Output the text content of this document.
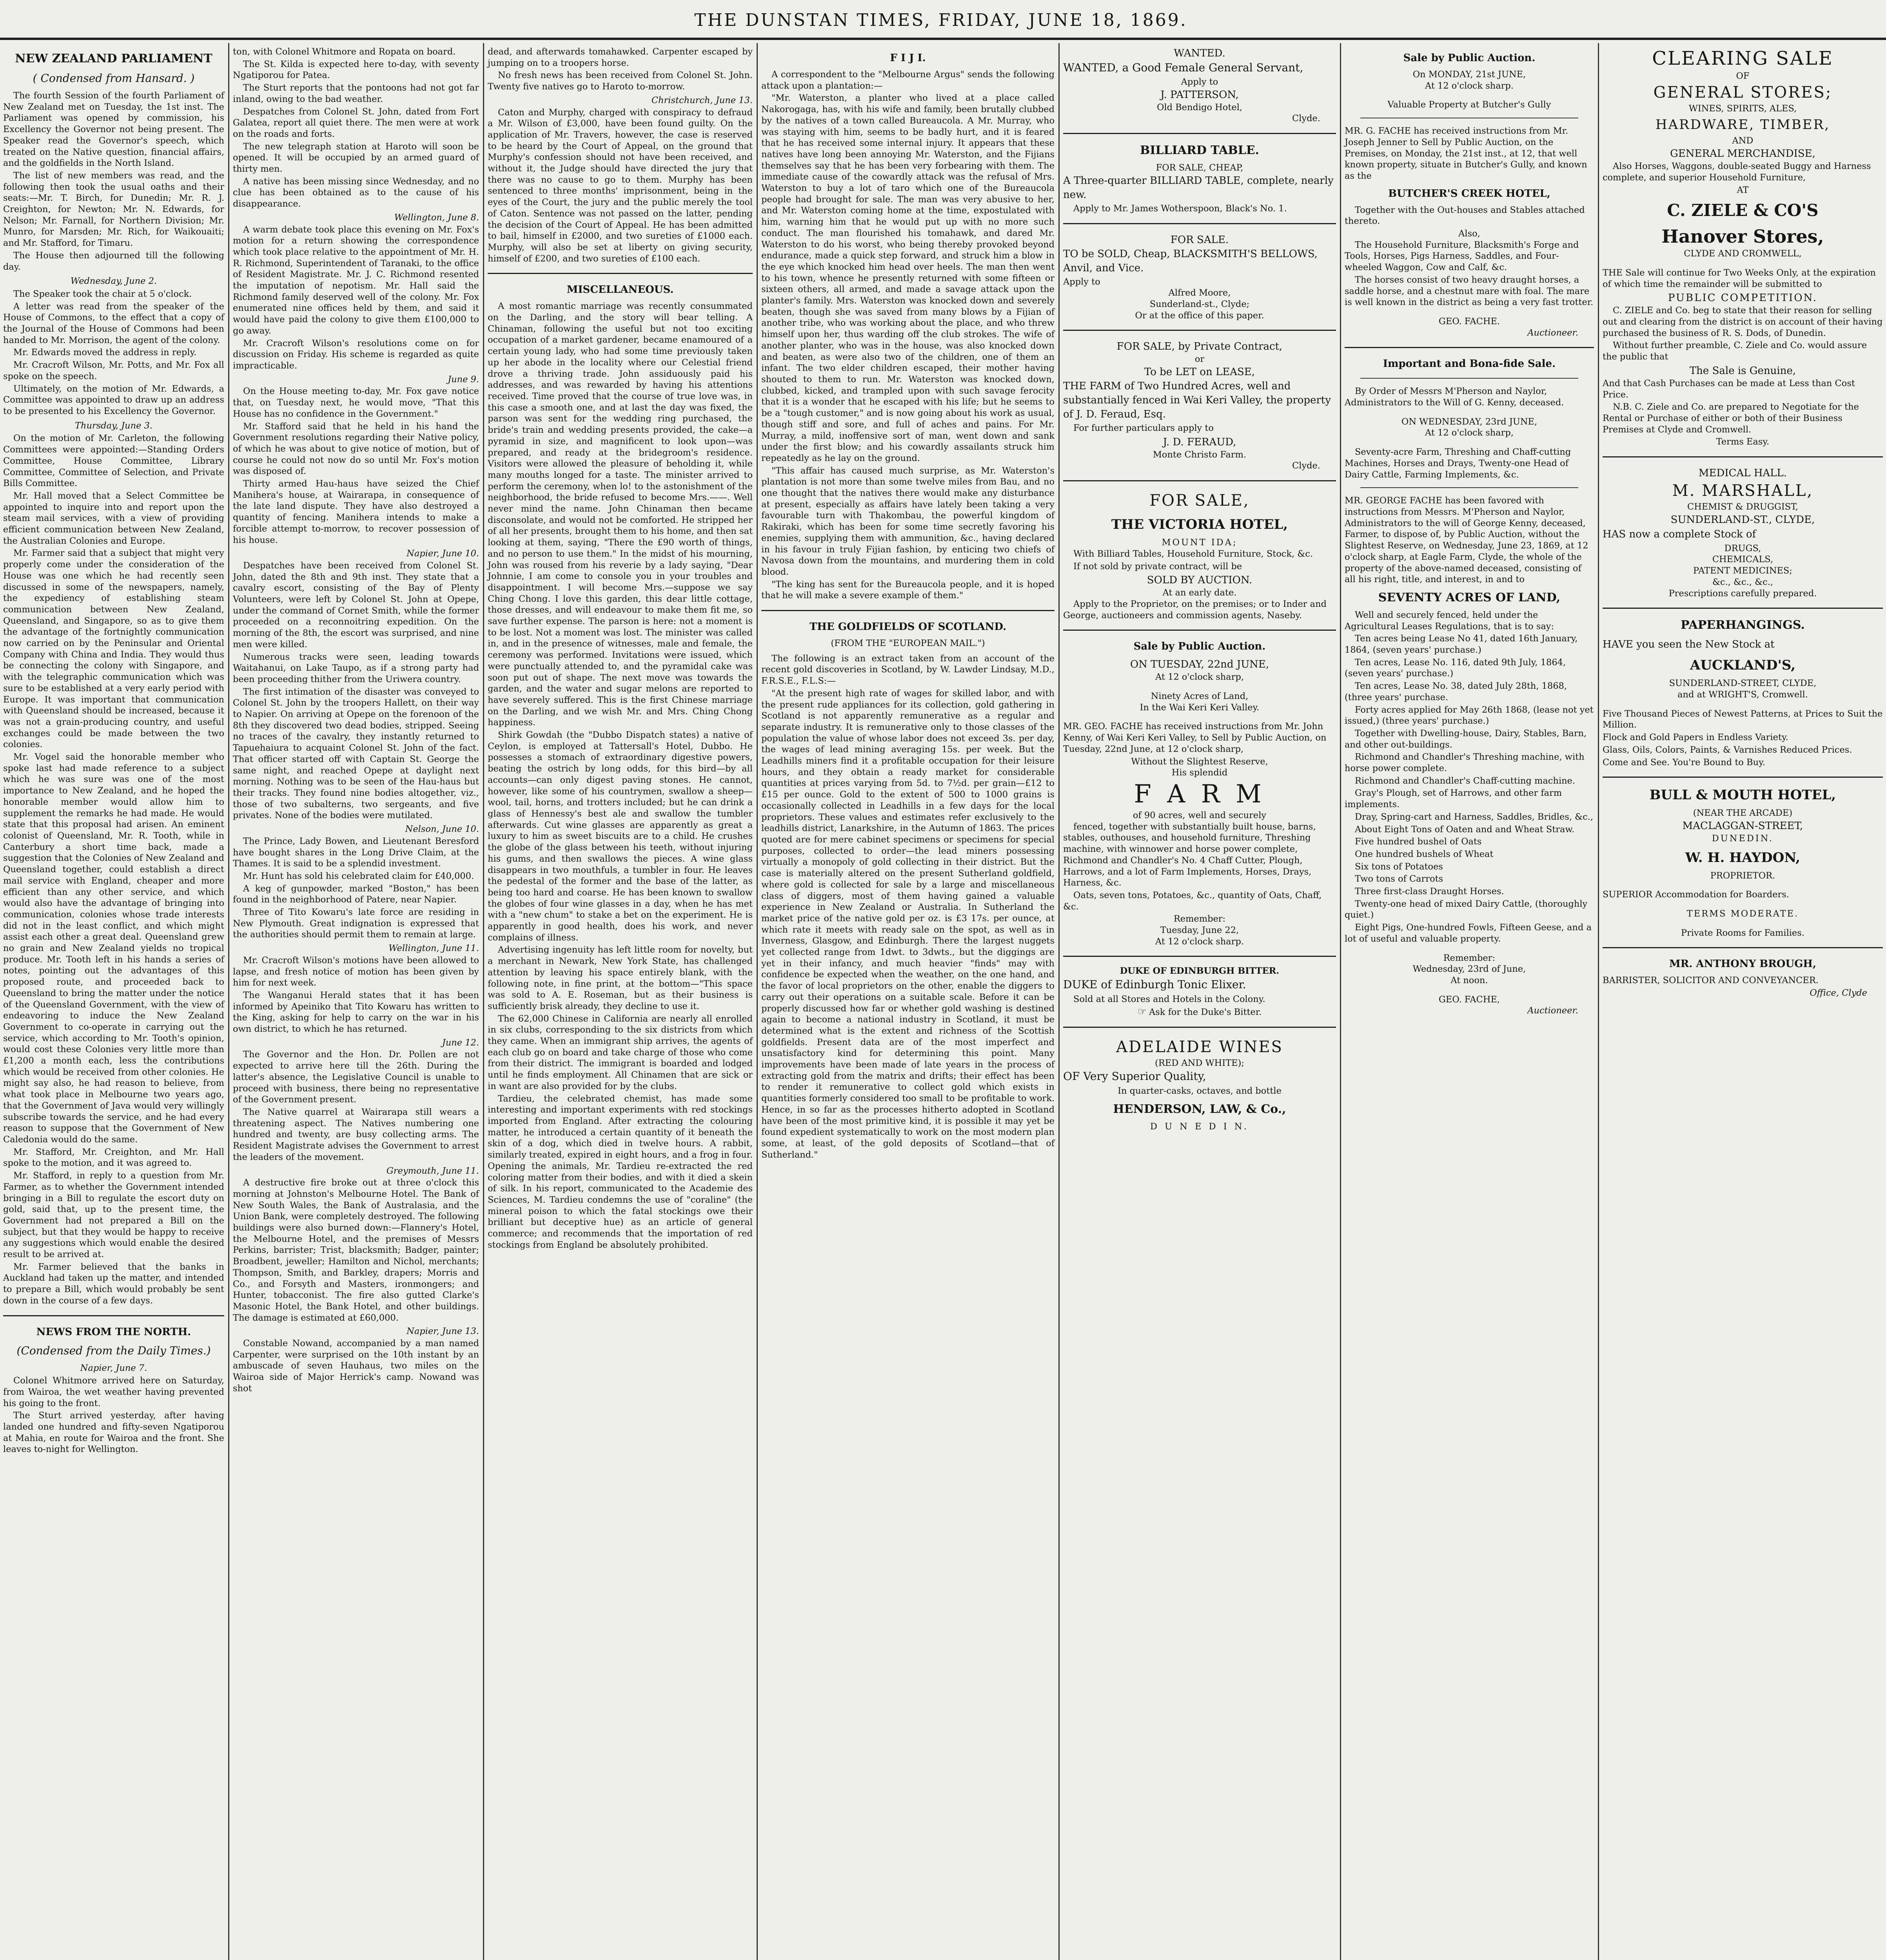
THE DUNSTAN TIMES, FRIDAY, JUNE 18, 1869.
NEW ZEALAND PARLIAMENT
( Condensed from Hansard. )

The fourth Session of the fourth Parliament of New Zealand met on Tuesday, the 1st inst. The Parliament was opened by commission, his Excellency the Governor not being present. The Speaker read the Governor's speech, which treated on the Native question, financial affairs, and the goldfields in the North Island.

The list of new members was read, and the following then took the usual oaths and their seats:—Mr. T. Birch, for Dunedin; Mr. R. J. Creighton, for Newton; Mr. N. Edwards, for Nelson; Mr. Farnall, for Northern Division; Mr. Munro, for Marsden; Mr. Rich, for Waikouaiti; and Mr. Stafford, for Timaru.

The House then adjourned till the following day.

Wednesday, June 2.

The Speaker took the chair at 5 o'clock.

A letter was read from the speaker of the House of Commons, to the effect that a copy of the Journal of the House of Commons had been handed to Mr. Morrison, the agent of the colony.

Mr. Edwards moved the address in reply.

Mr. Cracroft Wilson, Mr. Potts, and Mr. Fox all spoke on the speech.

Ultimately, on the motion of Mr. Edwards, a Committee was appointed to draw up an address to be presented to his Excellency the Governor.

Thursday, June 3.

On the motion of Mr. Carleton, the following Committees were appointed:—Standing Orders Committee, House Committee, Library Committee, Committee of Selection, and Private Bills Committee.

Mr. Hall moved that a Select Committee be appointed to inquire into and report upon the steam mail services, with a view of providing efficient communication between New Zealand, the Australian Colonies and Europe.

Mr. Farmer said that a subject that might very properly come under the consideration of the House was one which he had recently seen discussed in some of the newspapers, namely, the expediency of establishing steam communication between New Zealand, Queensland, and Singapore, so as to give them the advantage of the fortnightly communication now carried on by the Peninsular and Oriental Company with China and India. They would thus be connecting the colony with Singapore, and with the telegraphic communication which was sure to be established at a very early period with Europe. It was important that communication with Queensland should be increased, because it was not a grain-producing country, and useful exchanges could be made between the two colonies.

Mr. Vogel said the honorable member who spoke last had made reference to a subject which he was sure was one of the most importance to New Zealand, and he hoped the honorable member would allow him to supplement the remarks he had made. He would state that this proposal had arisen. An eminent colonist of Queensland, Mr. R. Tooth, while in Canterbury a short time back, made a suggestion that the Colonies of New Zealand and Queensland together, could establish a direct mail service with England, cheaper and more efficient than any other service, and which would also have the advantage of bringing into communication, colonies whose trade interests did not in the least conflict, and which might assist each other a great deal. Queensland grew no grain and New Zealand yields no tropical produce. Mr. Tooth left in his hands a series of notes, pointing out the advantages of this proposed route, and proceeded back to Queensland to bring the matter under the notice of the Queensland Government, with the view of endeavoring to induce the New Zealand Government to co-operate in carrying out the service, which according to Mr. Tooth's opinion, would cost these Colonies very little more than £1,200 a month each, less the contributions which would be received from other colonies. He might say also, he had reason to believe, from what took place in Melbourne two years ago, that the Government of Java would very willingly subscribe towards the service, and he had every reason to suppose that the Government of New Caledonia would do the same.

Mr. Stafford, Mr. Creighton, and Mr. Hall spoke to the motion, and it was agreed to.

Mr. Stafford, in reply to a question from Mr. Farmer, as to whether the Government intended bringing in a Bill to regulate the escort duty on gold, said that, up to the present time, the Government had not prepared a Bill on the subject, but that they would be happy to receive any suggestions which would enable the desired result to be arrived at.

Mr. Farmer believed that the banks in Auckland had taken up the matter, and intended to prepare a Bill, which would probably be sent down in the course of a few days.

NEWS FROM THE NORTH.
(Condensed from the Daily Times.)
Napier, June 7.

Colonel Whitmore arrived here on Saturday, from Wairoa, the wet weather having prevented his going to the front.

The Sturt arrived yesterday, after having landed one hundred and fifty-seven Ngatiporou at Mahia, en route for Wairoa and the front. She leaves to-night for Wellington.

ton, with Colonel Whitmore and Ropata on board.

The St. Kilda is expected here to-day, with seventy Ngatiporou for Patea.

The Sturt reports that the pontoons had not got far inland, owing to the bad weather.

Despatches from Colonel St. John, dated from Fort Galatea, report all quiet there. The men were at work on the roads and forts.

The new telegraph station at Haroto will soon be opened. It will be occupied by an armed guard of thirty men.

A native has been missing since Wednesday, and no clue has been obtained as to the cause of his disappearance.

Wellington, June 8.

A warm debate took place this evening on Mr. Fox's motion for a return showing the correspondence which took place relative to the appointment of Mr. H. R. Richmond, Superintendent of Taranaki, to the office of Resident Magistrate. Mr. J. C. Richmond resented the imputation of nepotism. Mr. Hall said the Richmond family deserved well of the colony. Mr. Fox enumerated nine offices held by them, and said it would have paid the colony to give them £100,000 to go away.

Mr. Cracroft Wilson's resolutions come on for discussion on Friday. His scheme is regarded as quite impracticable.

June 9.

On the House meeting to-day, Mr. Fox gave notice that, on Tuesday next, he would move, "That this House has no confidence in the Government."

Mr. Stafford said that he held in his hand the Government resolutions regarding their Native policy, of which he was about to give notice of motion, but of course he could not now do so until Mr. Fox's motion was disposed of.

Thirty armed Hau-haus have seized the Chief Manihera's house, at Wairarapa, in consequence of the late land dispute. They have also destroyed a quantity of fencing. Manihera intends to make a forcible attempt to-morrow, to recover possession of his house.

Napier, June 10.

Despatches have been received from Colonel St. John, dated the 8th and 9th inst. They state that a cavalry escort, consisting of the Bay of Plenty Volunteers, were left by Colonel St. John at Opepe, under the command of Cornet Smith, while the former proceeded on a reconnoitring expedition. On the morning of the 8th, the escort was surprised, and nine men were killed.

Numerous tracks were seen, leading towards Waitahanui, on Lake Taupo, as if a strong party had been proceeding thither from the Uriwera country.

The first intimation of the disaster was conveyed to Colonel St. John by the troopers Hallett, on their way to Napier. On arriving at Opepe on the forenoon of the 8th they discovered two dead bodies, stripped. Seeing no traces of the cavalry, they instantly returned to Tapuehaiura to acquaint Colonel St. John of the fact. That officer started off with Captain St. George the same night, and reached Opepe at daylight next morning. Nothing was to be seen of the Hau-haus but their tracks. They found nine bodies altogether, viz., those of two subalterns, two sergeants, and five privates. None of the bodies were mutilated.

Nelson, June 10.

The Prince, Lady Bowen, and Lieutenant Beresford have bought shares in the Long Drive Claim, at the Thames. It is said to be a splendid investment.

Mr. Hunt has sold his celebrated claim for £40,000.

A keg of gunpowder, marked "Boston," has been found in the neighborhood of Patere, near Napier.

Three of Tito Kowaru's late force are residing in New Plymouth. Great indignation is expressed that the authorities should permit them to remain at large.

Wellington, June 11.

Mr. Cracroft Wilson's motions have been allowed to lapse, and fresh notice of motion has been given by him for next week.

The Wanganui Herald states that it has been informed by Apeiniko that Tito Kowaru has written to the King, asking for help to carry on the war in his own district, to which he has returned.

June 12.

The Governor and the Hon. Dr. Pollen are not expected to arrive here till the 26th. During the latter's absence, the Legislative Council is unable to proceed with business, there being no representative of the Government present.

The Native quarrel at Wairarapa still wears a threatening aspect. The Natives numbering one hundred and twenty, are busy collecting arms. The Resident Magistrate advises the Government to arrest the leaders of the movement.

Greymouth, June 11.

A destructive fire broke out at three o'clock this morning at Johnston's Melbourne Hotel. The Bank of New South Wales, the Bank of Australasia, and the Union Bank, were completely destroyed. The following buildings were also burned down:—Flannery's Hotel, the Melbourne Hotel, and the premises of Messrs Perkins, barrister; Trist, blacksmith; Badger, painter; Broadbent, jeweller; Hamilton and Nichol, merchants; Thompson, Smith, and Barkley, drapers; Morris and Co., and Forsyth and Masters, ironmongers; and Hunter, tobacconist. The fire also gutted Clarke's Masonic Hotel, the Bank Hotel, and other buildings. The damage is estimated at £60,000.

Napier, June 13.

Constable Nowand, accompanied by a man named Carpenter, were surprised on the 10th instant by an ambuscade of seven Hauhaus, two miles on the Wairoa side of Major Herrick's camp. Nowand was shot

dead, and afterwards tomahawked. Carpenter escaped by jumping on to a troopers horse.

No fresh news has been received from Colonel St. John. Twenty five natives go to Haroto to-morrow.

Christchurch, June 13.

Caton and Murphy, charged with conspiracy to defraud a Mr. Wilson of £3,000, have been found guilty. On the application of Mr. Travers, however, the case is reserved to be heard by the Court of Appeal, on the ground that Murphy's confession should not have been received, and without it, the Judge should have directed the jury that there was no cause to go to them. Murphy has been sentenced to three months' imprisonment, being in the eyes of the Court, the jury and the public merely the tool of Caton. Sentence was not passed on the latter, pending the decision of the Court of Appeal. He has been admitted to bail, himself in £2000, and two sureties of £1000 each. Murphy, will also be set at liberty on giving security, himself of £200, and two sureties of £100 each.

MISCELLANEOUS.

A most romantic marriage was recently consummated on the Darling, and the story will bear telling. A Chinaman, following the useful but not too exciting occupation of a market gardener, became enamoured of a certain young lady, who had some time previously taken up her abode in the locality where our Celestial friend drove a thriving trade. John assiduously paid his addresses, and was rewarded by having his attentions received. Time proved that the course of true love was, in this case a smooth one, and at last the day was fixed, the parson was sent for the wedding ring purchased, the bride's train and wedding presents provided, the cake—a pyramid in size, and magnificent to look upon—was prepared, and ready at the bridegroom's residence. Visitors were allowed the pleasure of beholding it, while many mouths longed for a taste. The minister arrived to perform the ceremony, when lo! to the astonishment of the neighborhood, the bride refused to become Mrs.——. Well never mind the name. John Chinaman then became disconsolate, and would not be comforted. He stripped her of all her presents, brought them to his home, and then sat looking at them, saying, "There the £90 worth of things, and no person to use them." In the midst of his mourning, John was roused from his reverie by a lady saying, "Dear Johnnie, I am come to console you in your troubles and disappointment. I will become Mrs.—suppose we say Ching Chong. I love this garden, this dear little cottage, those dresses, and will endeavour to make them fit me, so save further expense. The parson is here: not a moment is to be lost. Not a moment was lost. The minister was called in, and in the presence of witnesses, male and female, the ceremony was performed. Invitations were issued, which were punctually attended to, and the pyramidal cake was soon put out of shape. The next move was towards the garden, and the water and sugar melons are reported to have severely suffered. This is the first Chinese marriage on the Darling, and we wish Mr. and Mrs. Ching Chong happiness.

Shirk Gowdah (the "Dubbo Dispatch states) a native of Ceylon, is employed at Tattersall's Hotel, Dubbo. He possesses a stomach of extraordinary digestive powers, beating the ostrich by long odds, for this bird—by all accounts—can only digest paving stones. He cannot, however, like some of his countrymen, swallow a sheep—wool, tail, horns, and trotters included; but he can drink a glass of Hennessy's best ale and swallow the tumbler afterwards. Cut wine glasses are apparently as great a luxury to him as sweet biscuits are to a child. He crushes the globe of the glass between his teeth, without injuring his gums, and then swallows the pieces. A wine glass disappears in two mouthfuls, a tumbler in four. He leaves the pedestal of the former and the base of the latter, as being too hard and coarse. He has been known to swallow the globes of four wine glasses in a day, when he has met with a "new chum" to stake a bet on the experiment. He is apparently in good health, does his work, and never complains of illness.

Advertising ingenuity has left little room for novelty, but a merchant in Newark, New York State, has challenged attention by leaving his space entirely blank, with the following note, in fine print, at the bottom—"This space was sold to A. E. Roseman, but as their business is sufficiently brisk already, they decline to use it.

The 62,000 Chinese in California are nearly all enrolled in six clubs, corresponding to the six districts from which they came. When an immigrant ship arrives, the agents of each club go on board and take charge of those who come from their district. The immigrant is boarded and lodged until he finds employment. All Chinamen that are sick or in want are also provided for by the clubs.

Tardieu, the celebrated chemist, has made some interesting and important experiments with red stockings imported from England. After extracting the colouring matter, he introduced a certain quantity of it beneath the skin of a dog, which died in twelve hours. A rabbit, similarly treated, expired in eight hours, and a frog in four. Opening the animals, Mr. Tardieu re-extracted the red coloring matter from their bodies, and with it died a skein of silk. In his report, communicated to the Academie des Sciences, M. Tardieu condemns the use of "coraline" (the mineral poison to which the fatal stockings owe their brilliant but deceptive hue) as an article of general commerce; and recommends that the importation of red stockings from England be absolutely prohibited.

F I J I.

A correspondent to the "Melbourne Argus" sends the following attack upon a plantation:—

"Mr. Waterston, a planter who lived at a place called Nakorogaga, has, with his wife and family, been brutally clubbed by the natives of a town called Bureaucola. A Mr. Murray, who was staying with him, seems to be badly hurt, and it is feared that he has received some internal injury. It appears that these natives have long been annoying Mr. Waterston, and the Fijians themselves say that he has been very forbearing with them. The immediate cause of the cowardly attack was the refusal of Mrs. Waterston to buy a lot of taro which one of the Bureaucola people had brought for sale. The man was very abusive to her, and Mr. Waterston coming home at the time, expostulated with him, warning him that he would put up with no more such conduct. The man flourished his tomahawk, and dared Mr. Waterston to do his worst, who being thereby provoked beyond endurance, made a quick step forward, and struck him a blow in the eye which knocked him head over heels. The man then went to his town, whence he presently returned with some fifteen or sixteen others, all armed, and made a savage attack upon the planter's family. Mrs. Waterston was knocked down and severely beaten, though she was saved from many blows by a Fijian of another tribe, who was working about the place, and who threw himself upon her, thus warding off the club strokes. The wife of another planter, who was in the house, was also knocked down and beaten, as were also two of the children, one of them an infant. The two elder children escaped, their mother having shouted to them to run. Mr. Waterston was knocked down, clubbed, kicked, and trampled upon with such savage ferocity that it is a wonder that he escaped with his life; but he seems to be a "tough customer," and is now going about his work as usual, though stiff and sore, and full of aches and pains. For Mr. Murray, a mild, inoffensive sort of man, went down and sank under the first blow; and his cowardly assailants struck him repeatedly as he lay on the ground.

"This affair has caused much surprise, as Mr. Waterston's plantation is not more than some twelve miles from Bau, and no one thought that the natives there would make any disturbance at present, especially as affairs have lately been taking a very favourable turn with Thakombau, the powerful kingdom of Rakiraki, which has been for some time secretly favoring his enemies, supplying them with ammunition, &c., having declared in his favour in truly Fijian fashion, by enticing two chiefs of Navosa down from the mountains, and murdering them in cold blood.

"The king has sent for the Bureaucola people, and it is hoped that he will make a severe example of them."

THE GOLDFIELDS OF SCOTLAND.
(FROM THE "EUROPEAN MAIL.")

The following is an extract taken from an account of the recent gold discoveries in Scotland, by W. Lawder Lindsay, M.D., F.R.S.E., F.L.S:—

"At the present high rate of wages for skilled labor, and with the present rude appliances for its collection, gold gathering in Scotland is not apparently remunerative as a regular and separate industry. It is remunerative only to those classes of the population the value of whose labor does not exceed 3s. per day, the wages of lead mining averaging 15s. per week. But the Leadhills miners find it a profitable occupation for their leisure hours, and they obtain a ready market for considerable quantities at prices varying from 5d. to 7½d. per grain—£12 to £15 per ounce. Gold to the extent of 500 to 1000 grains is occasionally collected in Leadhills in a few days for the local proprietors. These values and estimates refer exclusively to the leadhills district, Lanarkshire, in the Autumn of 1863. The prices quoted are for mere cabinet specimens or specimens for special purposes, collected to order—the lead miners possessing virtually a monopoly of gold collecting in their district. But the case is materially altered on the present Sutherland goldfield, where gold is collected for sale by a large and miscellaneous class of diggers, most of them having gained a valuable experience in New Zealand or Australia. In Sutherland the market price of the native gold per oz. is £3 17s. per ounce, at which rate it meets with ready sale on the spot, as well as in Inverness, Glasgow, and Edinburgh. There the largest nuggets yet collected range from 1dwt. to 3dwts., but the diggings are yet in their infancy, and much heavier "finds" may with confidence be expected when the weather, on the one hand, and the favor of local proprietors on the other, enable the diggers to carry out their operations on a suitable scale. Before it can be properly discussed how far or whether gold washing is destined again to become a national industry in Scotland, it must be determined what is the extent and richness of the Scottish goldfields. Present data are of the most imperfect and unsatisfactory kind for determining this point. Many improvements have been made of late years in the process of extracting gold from the matrix and drifts; their effect has been to render it remunerative to collect gold which exists in quantities formerly considered too small to be profitable to work. Hence, in so far as the processes hitherto adopted in Scotland have been of the most primitive kind, it is possible it may yet be found expedient systematically to work on the most modern plan some, at least, of the gold deposits of Scotland—that of Sutherland."

WANTED.

WANTED, a Good Female General Servant,

Apply to
J. PATTERSON,
Old Bendigo Hotel,
Clyde.
BILLIARD TABLE.
FOR SALE, CHEAP,

A Three-quarter BILLIARD TABLE, complete, nearly new.

Apply to Mr. James Wotherspoon, Black's No. 1.

FOR SALE.

TO be SOLD, Cheap, BLACKSMITH'S BELLOWS, Anvil, and Vice.

Apply to
Alfred Moore,
Sunderland-st., Clyde;
Or at the office of this paper.
FOR SALE, by Private Contract,
or
To be LET on LEASE,

THE FARM of Two Hundred Acres, well and substantially fenced in Wai Keri Valley, the property of J. D. Feraud, Esq.

For further particulars apply to

J. D. FERAUD,
Monte Christo Farm.
Clyde.
FOR SALE,
THE VICTORIA HOTEL,
MOUNT IDA;

With Billiard Tables, Household Furniture, Stock, &c.

If not sold by private contract, will be

SOLD BY AUCTION.
At an early date.

Apply to the Proprietor, on the premises; or to Inder and George, auctioneers and commission agents, Naseby.

Sale by Public Auction.
ON TUESDAY, 22nd JUNE,
At 12 o'clock sharp,
Ninety Acres of Land,
In the Wai Keri Keri Valley.

MR. GEO. FACHE has received instructions from Mr. John Kenny, of Wai Keri Keri Valley, to Sell by Public Auction, on Tuesday, 22nd June, at 12 o'clock sharp,

Without the Slightest Reserve,
His splendid
F A R M
of 90 acres, well and securely

fenced, together with substantially built house, barns, stables, outhouses, and household furniture, Threshing machine, with winnower and horse power complete, Richmond and Chandler's No. 4 Chaff Cutter, Plough, Harrows, and a lot of Farm Implements, Horses, Drays, Harness, &c.

Oats, seven tons, Potatoes, &c., quantity of Oats, Chaff, &c.

Remember:
Tuesday, June 22,
At 12 o'clock sharp.
DUKE OF EDINBURGH BITTER.

DUKE of Edinburgh Tonic Elixer.

Sold at all Stores and Hotels in the Colony.

☞ Ask for the Duke's Bitter.
ADELAIDE WINES
(RED AND WHITE);

OF Very Superior Quality,

In quarter-casks, octaves, and bottle
HENDERSON, LAW, & Co.,
D U N E D I N.
Sale by Public Auction.
On MONDAY, 21st JUNE,
At 12 o'clock sharp.
Valuable Property at Butcher's Gully

MR. G. FACHE has received instructions from Mr. Joseph Jenner to Sell by Public Auction, on the Premises, on Monday, the 21st inst., at 12, that well known property, situate in Butcher's Gully, and known as the

BUTCHER'S CREEK HOTEL,

Together with the Out-houses and Stables attached thereto.

Also,

The Household Furniture, Blacksmith's Forge and Tools, Horses, Pigs Harness, Saddles, and Four-wheeled Waggon, Cow and Calf, &c.

The horses consist of two heavy draught horses, a saddle horse, and a chestnut mare with foal. The mare is well known in the district as being a very fast trotter.

GEO. FACHE.
Auctioneer.
Important and Bona-fide Sale.

By Order of Messrs M'Pherson and Naylor, Administrators to the Will of G. Kenny, deceased.

ON WEDNESDAY, 23rd JUNE,
At 12 o'clock sharp,

Seventy-acre Farm, Threshing and Chaff-cutting Machines, Horses and Drays, Twenty-one Head of Dairy Cattle, Farming Implements, &c.

MR. GEORGE FACHE has been favored with instructions from Messrs. M'Pherson and Naylor, Administrators to the will of George Kenny, deceased, Farmer, to dispose of, by Public Auction, without the Slightest Reserve, on Wednesday, June 23, 1869, at 12 o'clock sharp, at Eagle Farm, Clyde, the whole of the property of the above-named deceased, consisting of all his right, title, and interest, in and to

SEVENTY ACRES OF LAND,

Well and securely fenced, held under the Agricultural Leases Regulations, that is to say:

Ten acres being Lease No 41, dated 16th January, 1864, (seven years' purchase.)

Ten acres, Lease No. 116, dated 9th July, 1864, (seven years' purchase.)

Ten acres, Lease No. 38, dated July 28th, 1868, (three years' purchase.

Forty acres applied for May 26th 1868, (lease not yet issued,) (three years' purchase.)

Together with Dwelling-house, Dairy, Stables, Barn, and other out-buildings.

Richmond and Chandler's Threshing machine, with horse power complete.

Richmond and Chandler's Chaff-cutting machine.

Gray's Plough, set of Harrows, and other farm implements.

Dray, Spring-cart and Harness, Saddles, Bridles, &c.,

About Eight Tons of Oaten and and Wheat Straw.

Five hundred bushel of Oats

One hundred bushels of Wheat

Six tons of Potatoes

Two tons of Carrots

Three first-class Draught Horses.

Twenty-one head of mixed Dairy Cattle, (thoroughly quiet.)

Eight Pigs, One-hundred Fowls, Fifteen Geese, and a lot of useful and valuable property.

Remember:
Wednesday, 23rd of June,
At noon.
GEO. FACHE,
Auctioneer.
CLEARING SALE
OF
GENERAL STORES;
WINES, SPIRITS, ALES,
HARDWARE, TIMBER,
AND
GENERAL MERCHANDISE,

Also Horses, Waggons, double-seated Buggy and Harness complete, and superior Household Furniture,

AT
C. ZIELE & CO'S
Hanover Stores,
CLYDE AND CROMWELL,

THE Sale will continue for Two Weeks Only, at the expiration of which time the remainder will be submitted to

PUBLIC COMPETITION.

C. ZIELE and Co. beg to state that their reason for selling out and clearing from the district is on account of their having purchased the business of R. S. Dods, of Dunedin.

Without further preamble, C. Ziele and Co. would assure the public that

The Sale is Genuine,

And that Cash Purchases can be made at Less than Cost Price.

N.B. C. Ziele and Co. are prepared to Negotiate for the Rental or Purchase of either or both of their Business Premises at Clyde and Cromwell.

Terms Easy.
MEDICAL HALL.
M. MARSHALL,
CHEMIST & DRUGGIST,
SUNDERLAND-ST., CLYDE,

HAS now a complete Stock of

DRUGS,
CHEMICALS,
PATENT MEDICINES;
&c., &c., &c.,
Prescriptions carefully prepared.
PAPERHANGINGS.

HAVE you seen the New Stock at

AUCKLAND'S,
SUNDERLAND-STREET, CLYDE,
and at WRIGHT'S, Cromwell.

Five Thousand Pieces of Newest Patterns, at Prices to Suit the Million.

Flock and Gold Papers in Endless Variety.

Glass, Oils, Colors, Paints, & Varnishes Reduced Prices.

Come and See. You're Bound to Buy.

BULL & MOUTH HOTEL,
(NEAR THE ARCADE)
MACLAGGAN-STREET,
DUNEDIN.
W. H. HAYDON,
PROPRIETOR.

SUPERIOR Accommodation for Boarders.

TERMS MODERATE.
Private Rooms for Families.
MR. ANTHONY BROUGH,

BARRISTER, SOLICITOR AND CONVEYANCER.

Office, Clyde
